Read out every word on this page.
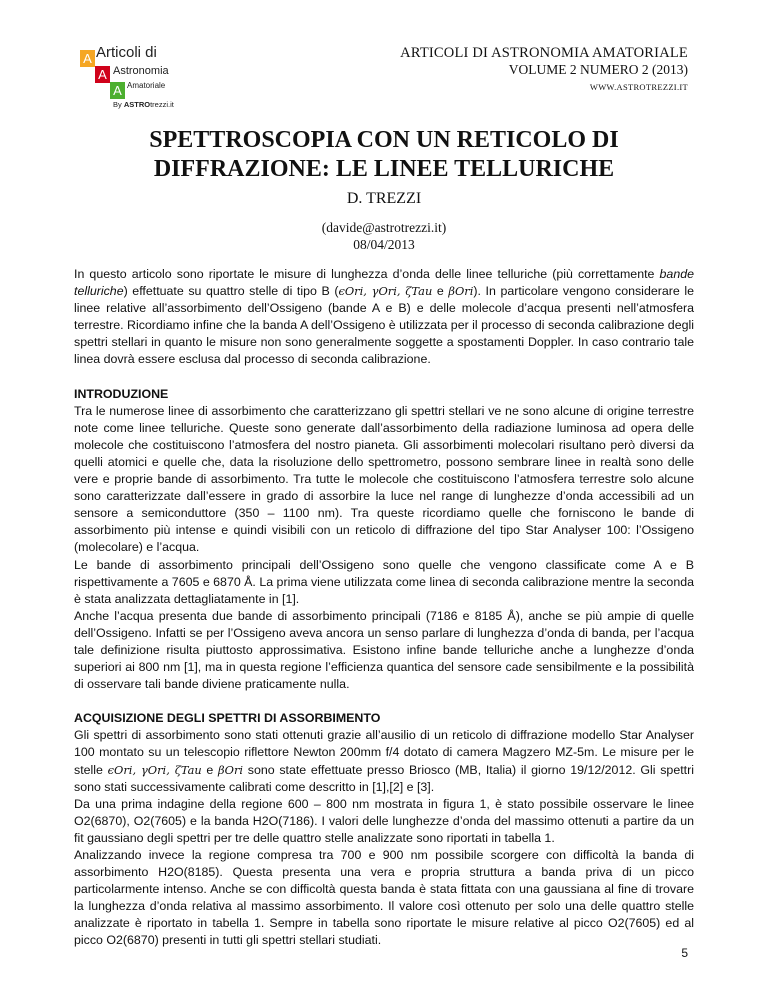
A
A
A
Articoli di
Astronomia
Amatoriale
By ASTROtrezzi.it
ARTICOLI DI ASTRONOMIA AMATORIALE
VOLUME 2 NUMERO 2 (2013)
WWW.ASTROTREZZI.IT
SPETTROSCOPIA CON UN RETICOLO DI
DIFFRAZIONE: LE LINEE TELLURICHE
D. TREZZI
(davide@astrotrezzi.it)
08/04/2013

In questo articolo sono riportate le misure di lunghezza d’onda delle linee telluriche (più correttamente bande telluriche) effettuate su quattro stelle di tipo B (ϵOri, γOri, ζTau e βOri). In particolare vengono considerare le linee relative all’assorbimento dell’Ossigeno (bande A e B) e delle molecole d’acqua presenti nell’atmosfera terrestre. Ricordiamo infine che la banda A dell’Ossigeno è utilizzata per il processo di seconda calibrazione degli spettri stellari in quanto le misure non sono generalmente soggette a spostamenti Doppler. In caso contrario tale linea dovrà essere esclusa dal processo di seconda calibrazione.

INTRODUZIONE

Tra le numerose linee di assorbimento che caratterizzano gli spettri stellari ve ne sono alcune di origine terrestre note come linee telluriche. Queste sono generate dall’assorbimento della radiazione luminosa ad opera delle molecole che costituiscono l’atmosfera del nostro pianeta. Gli assorbimenti molecolari risultano però diversi da quelli atomici e quelle che, data la risoluzione dello spettrometro, possono sembrare linee in realtà sono delle vere e proprie bande di assorbimento. Tra tutte le molecole che costituiscono l’atmosfera terrestre solo alcune sono caratterizzate dall’essere in grado di assorbire la luce nel range di lunghezze d’onda accessibili ad un sensore a semiconduttore (350 – 1100 nm). Tra queste ricordiamo quelle che forniscono le bande di assorbimento più intense e quindi visibili con un reticolo di diffrazione del tipo Star Analyser 100: l’Ossigeno (molecolare) e l’acqua.

Le bande di assorbimento principali dell’Ossigeno sono quelle che vengono classificate come A e B rispettivamente a 7605 e 6870 Å. La prima viene utilizzata come linea di seconda calibrazione mentre la seconda è stata analizzata dettagliatamente in [1].

Anche l’acqua presenta due bande di assorbimento principali (7186 e 8185 Å), anche se più ampie di quelle dell’Ossigeno. Infatti se per l’Ossigeno aveva ancora un senso parlare di lunghezza d’onda di banda, per l’acqua tale definizione risulta piuttosto approssimativa. Esistono infine bande telluriche anche a lunghezze d’onda superiori ai 800 nm [1], ma in questa regione l’efficienza quantica del sensore cade sensibilmente e la possibilità di osservare tali bande diviene praticamente nulla.

ACQUISIZIONE DEGLI SPETTRI DI ASSORBIMENTO

Gli spettri di assorbimento sono stati ottenuti grazie all’ausilio di un reticolo di diffrazione modello Star Analyser 100 montato su un telescopio riflettore Newton 200mm f/4 dotato di camera Magzero MZ-5m. Le misure per le stelle ϵOri, γOri, ζTau e βOri sono state effettuate presso Briosco (MB, Italia) il giorno 19/12/2012. Gli spettri sono stati successivamente calibrati come descritto in [1],[2] e [3].

Da una prima indagine della regione 600 – 800 nm mostrata in figura 1, è stato possibile osservare le linee O2(6870), O2(7605) e la banda H2O(7186). I valori delle lunghezze d’onda del massimo ottenuti a partire da un fit gaussiano degli spettri per tre delle quattro stelle analizzate sono riportati in tabella 1.

Analizzando invece la regione compresa tra 700 e 900 nm possibile scorgere con difficoltà la banda di assorbimento H2O(8185). Questa presenta una vera e propria struttura a banda priva di un picco particolarmente intenso. Anche se con difficoltà questa banda è stata fittata con una gaussiana al fine di trovare la lunghezza d’onda relativa al massimo assorbimento. Il valore così ottenuto per solo una delle quattro stelle analizzate è riportato in tabella 1. Sempre in tabella sono riportate le misure relative al picco O2(7605) ed al picco O2(6870) presenti in tutti gli spettri stellari studiati.

5
